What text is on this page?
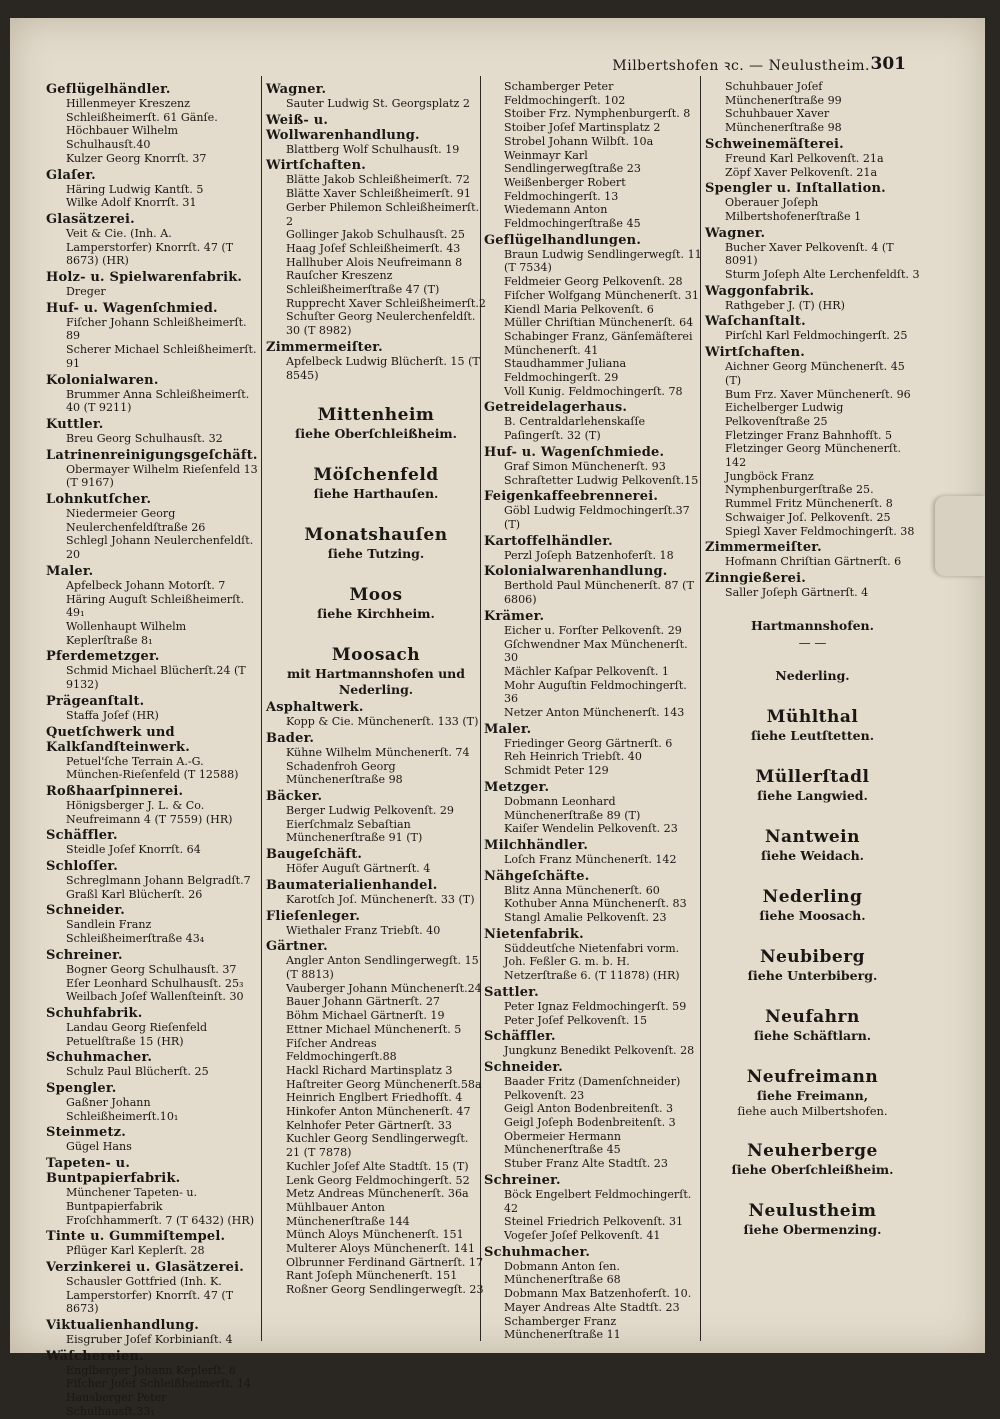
Milbertshofen ꝛc. — Neulustheim. 301
Geflügelhändler.
Hillenmeyer Kreszenz Schleißheimerſt. 61 Gänſe.
Höchbauer Wilhelm Schulhausſt.40
Kulzer Georg Knorrſt. 37
Glaſer.
Häring Ludwig Kantſt. 5
Wilke Adolf Knorrſt. 31
Glasätzerei.
Veit & Cie. (Inh. A. Lamperstorfer) Knorrſt. 47 (T 8673) (HR)
Holz- u. Spielwarenfabrik.
Dreger
Huf- u. Wagenſchmied.
Fiſcher Johann Schleißheimerſt. 89
Scherer Michael Schleißheimerſt. 91
Kolonialwaren.
Brummer Anna Schleißheimerſt. 40 (T 9211)
Kuttler.
Breu Georg Schulhausſt. 32
Latrinenreinigungsgeſchäft.
Obermayer Wilhelm Rieſenfeld 13 (T 9167)
Lohnkutſcher.
Niedermeier Georg Neulerchenfeldſtraße 26
Schlegl Johann Neulerchenfeldſt. 20
Maler.
Apfelbeck Johann Motorſt. 7
Häring Auguſt Schleißheimerſt. 49₁
Wollenhaupt Wilhelm Keplerſtraße 8₁
Pferdemetzger.
Schmid Michael Blücherſt.24 (T 9132)
Prägeanſtalt.
Staffa Joſef (HR)
Quetſchwerk und Kalkſandſteinwerk.
Petuel'ſche Terrain A.-G. München-Rieſenfeld (T 12588)
Roßhaarſpinnerei.
Hönigsberger J. L. & Co. Neufreimann 4 (T 7559) (HR)
Schäffler.
Steidle Joſef Knorrſt. 64
Schloſſer.
Schreglmann Johann Belgradſt.7
Graßl Karl Blücherſt. 26
Schneider.
Sandlein Franz Schleißheimerſtraße 43₄
Schreiner.
Bogner Georg Schulhausſt. 37
Eſer Leonhard Schulhausſt. 25₃
Weilbach Joſef Wallenſteinſt. 30
Schuhfabrik.
Landau Georg Rieſenfeld Petuelſtraße 15 (HR)
Schuhmacher.
Schulz Paul Blücherſt. 25
Spengler.
Gaßner Johann Schleißheimerſt.10₁
Steinmetz.
Gügel Hans
Tapeten- u. Buntpapierfabrik.
Münchener Tapeten- u. Buntpapierfabrik Froſchhammerſt. 7 (T 6432) (HR)
Tinte u. Gummiſtempel.
Pflüger Karl Keplerſt. 28
Verzinkerei u. Glasätzerei.
Schausler Gottfried (Inh. K. Lamperstorfer) Knorrſt. 47 (T 8673)
Viktualienhandlung.
Eisgruber Joſef Korbinianſt. 4
Wäſchereien.
Englberger Johann Keplerſt. 8
Fiſcher Joſef Schleißheimerſt. 14
Hausberger Peter Schulhausſt.33₁
Wagner.
Sauter Ludwig St. Georgsplatz 2
Weiß- u. Wollwarenhandlung.
Blattberg Wolf Schulhausſt. 19
Wirtſchaften.
Blätte Jakob Schleißheimerſt. 72
Blätte Xaver Schleißheimerſt. 91
Gerber Philemon Schleißheimerſt. 2
Gollinger Jakob Schulhausſt. 25
Haag Joſef Schleißheimerſt. 43
Hallhuber Alois Neufreimann 8
Rauſcher Kreszenz Schleißheimerſtraße 47 (T)
Rupprecht Xaver Schleißheimerſt.2
Schuſter Georg Neulerchenfeldſt. 30 (T 8982)
Zimmermeiſter.
Apfelbeck Ludwig Blücherſt. 15 (T 8545)
Mittenheim
ſiehe Oberſchleißheim.
Möſchenfeld
ſiehe Harthauſen.
Monatshauſen
ſiehe Tutzing.
Moos
ſiehe Kirchheim.
Moosach
mit Hartmannshofen und Nederling.
Asphaltwerk.
Kopp & Cie. Münchenerſt. 133 (T)
Bader.
Kühne Wilhelm Münchenerſt. 74
Schadenfroh Georg Münchenerſtraße 98
Bäcker.
Berger Ludwig Pelkovenſt. 29
Eierſchmalz Sebaſtian Münchenerſtraße 91 (T)
Baugeſchäft.
Höfer Auguſt Gärtnerſt. 4
Baumaterialienhandel.
Karotſch Joſ. Münchenerſt. 33 (T)
Flieſenleger.
Wiethaler Franz Triebſt. 40
Gärtner.
Angler Anton Sendlingerwegſt. 15 (T 8813)
Vauberger Johann Münchenerſt.24
Bauer Johann Gärtnerſt. 27
Böhm Michael Gärtnerſt. 19
Ettner Michael Münchenerſt. 5
Fiſcher Andreas Feldmochingerſt.88
Hackl Richard Martinsplatz 3
Haſtreiter Georg Münchenerſt.58a
Heinrich Englbert Friedhofſt. 4
Hinkofer Anton Münchenerſt. 47
Kelnhofer Peter Gärtnerſt. 33
Kuchler Georg Sendlingerwegſt. 21 (T 7878)
Kuchler Joſef Alte Stadtſt. 15 (T)
Lenk Georg Feldmochingerſt. 52
Metz Andreas Münchenerſt. 36a
Mühlbauer Anton Münchenerſtraße 144
Münch Aloys Münchenerſt. 151
Multerer Aloys Münchenerſt. 141
Olbrunner Ferdinand Gärtnerſt. 17
Rant Joſeph Münchenerſt. 151
Roßner Georg Sendlingerwegſt. 23
Schamberger Peter Feldmochingerſt. 102
Stoiber Frz. Nymphenburgerſt. 8
Stoiber Joſef Martinsplatz 2
Strobel Johann Wilbſt. 10a
Weinmayr Karl Sendlingerwegſtraße 23
Weißenberger Robert Feldmochingerſt. 13
Wiedemann Anton Feldmochingerſtraße 45
Geflügelhandlungen.
Braun Ludwig Sendlingerwegſt. 11 (T 7534)
Feldmeier Georg Pelkovenſt. 28
Fiſcher Wolfgang Münchenerſt. 31
Kiendl Maria Pelkovenſt. 6
Müller Chriſtian Münchenerſt. 64
Schabinger Franz, Gänſemäſterei Münchenerſt. 41
Staudhammer Juliana Feldmochingerſt. 29
Voll Kunig. Feldmochingerſt. 78
Getreidelagerhaus.
B. Centraldarlehenskaſſe Paſingerſt. 32 (T)
Huf- u. Wagenſchmiede.
Graf Simon Münchenerſt. 93
Schraſtetter Ludwig Pelkovenſt.15
Feigenkaffeebrennerei.
Göbl Ludwig Feldmochingerſt.37 (T)
Kartoffelhändler.
Perzl Joſeph Batzenhoferſt. 18
Kolonialwarenhandlung.
Berthold Paul Münchenerſt. 87 (T 6806)
Krämer.
Eicher u. Forſter Pelkovenſt. 29
Gſchwendner Max Münchenerſt. 30
Mächler Kaſpar Pelkovenſt. 1
Mohr Auguſtin Feldmochingerſt. 36
Netzer Anton Münchenerſt. 143
Maler.
Friedinger Georg Gärtnerſt. 6
Reh Heinrich Triebſt. 40
Schmidt Peter 129
Metzger.
Dobmann Leonhard Münchenerſtraße 89 (T)
Kaiſer Wendelin Pelkovenſt. 23
Milchhändler.
Loſch Franz Münchenerſt. 142
Nähgeſchäfte.
Blitz Anna Münchenerſt. 60
Kothuber Anna Münchenerſt. 83
Stangl Amalie Pelkovenſt. 23
Nietenfabrik.
Süddeutſche Nietenfabri vorm. Joh. Feßler G. m. b. H. Netzerſtraße 6. (T 11878) (HR)
Sattler.
Peter Ignaz Feldmochingerſt. 59
Peter Joſef Pelkovenſt. 15
Schäffler.
Jungkunz Benedikt Pelkovenſt. 28
Schneider.
Baader Fritz (Damenſchneider) Pelkovenſt. 23
Geigl Anton Bodenbreitenſt. 3
Geigl Joſeph Bodenbreitenſt. 3
Obermeier Hermann Münchenerſtraße 45
Stuber Franz Alte Stadtſt. 23
Schreiner.
Böck Engelbert Feldmochingerſt. 42
Steinel Friedrich Pelkovenſt. 31
Vogeſer Joſef Pelkovenſt. 41
Schuhmacher.
Dobmann Anton ſen. Münchenerſtraße 68
Dobmann Max Batzenhoferſt. 10.
Mayer Andreas Alte Stadtſt. 23
Schamberger Franz Münchenerſtraße 11
Schuhbauer Joſef Münchenerſtraße 99
Schuhbauer Xaver Münchenerſtraße 98
Schweinemäſterei.
Freund Karl Pelkovenſt. 21a
Zöpf Xaver Pelkovenſt. 21a
Spengler u. Inſtallation.
Oberauer Joſeph Milbertshofenerſtraße 1
Wagner.
Bucher Xaver Pelkovenſt. 4 (T 8091)
Sturm Joſeph Alte Lerchenfeldſt. 3
Waggonfabrik.
Rathgeber J. (T) (HR)
Waſchanſtalt.
Pirſchl Karl Feldmochingerſt. 25
Wirtſchaften.
Aichner Georg Münchenerſt. 45 (T)
Bum Frz. Xaver Münchenerſt. 96
Eichelberger Ludwig Pelkovenſtraße 25
Fletzinger Franz Bahnhofſt. 5
Fletzinger Georg Münchenerſt. 142
Jungböck Franz Nymphenburgerſtraße 25.
Rummel Fritz Münchenerſt. 8
Schwaiger Joſ. Pelkovenſt. 25
Spiegl Xaver Feldmochingerſt. 38
Zimmermeiſter.
Hofmann Chriſtian Gärtnerſt. 6
Zinngießerei.
Saller Joſeph Gärtnerſt. 4
Hartmannshofen.
— —
Nederling.
Mühlthal
ſiehe Leutſtetten.
Müllerſtadl
ſiehe Langwied.
Nantwein
ſiehe Weidach.
Nederling
ſiehe Moosach.
Neubiberg
ſiehe Unterbiberg.
Neufahrn
ſiehe Schäftlarn.
Neufreimann
ſiehe Freimann,
ſiehe auch Milbertshofen.
Neuherberge
ſiehe Oberſchleißheim.
Neulustheim
ſiehe Obermenzing.
